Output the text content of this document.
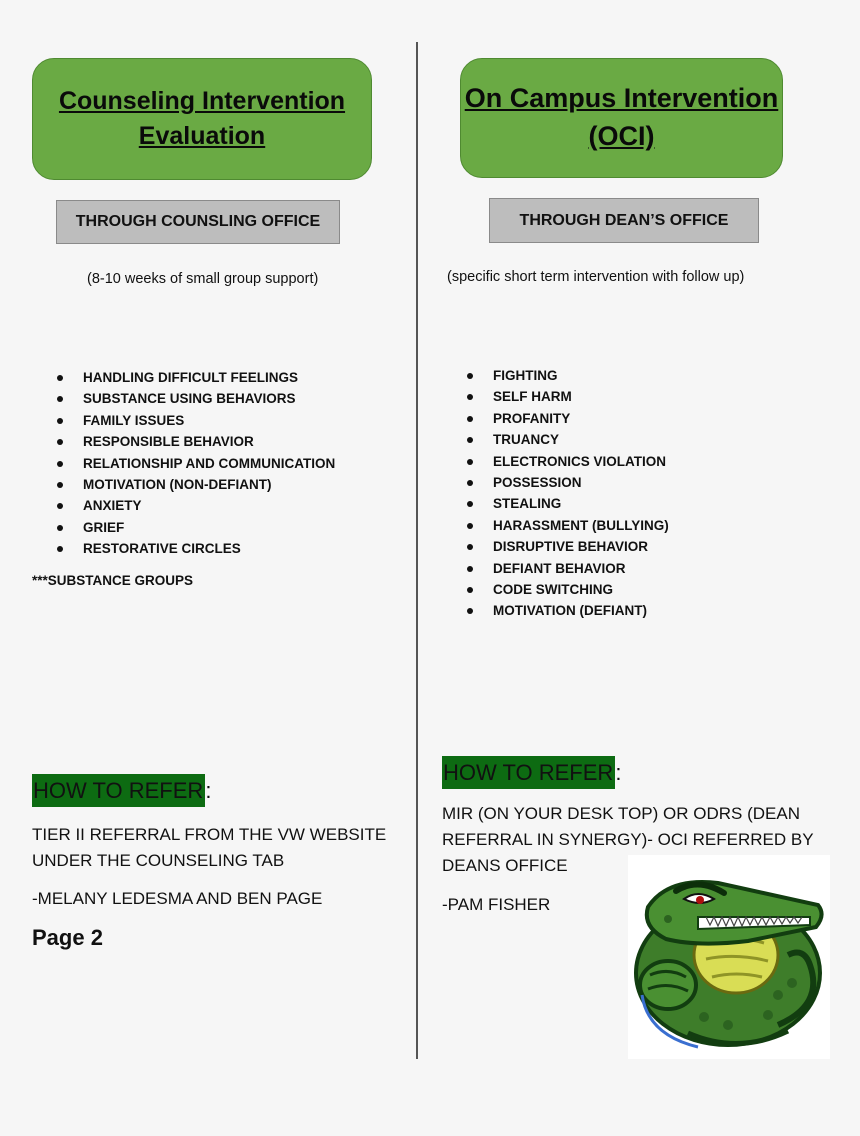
Counseling Intervention Evaluation
THROUGH COUNSLING OFFICE
(8-10 weeks of small group support)
HANDLING DIFFICULT FEELINGS
SUBSTANCE USING BEHAVIORS
FAMILY ISSUES
RESPONSIBLE BEHAVIOR
RELATIONSHIP AND COMMUNICATION
MOTIVATION (NON-DEFIANT)
ANXIETY
GRIEF
RESTORATIVE CIRCLES
***SUBSTANCE GROUPS
HOW TO REFER:
TIER II REFERRAL FROM THE VW WEBSITE UNDER THE COUNSELING TAB
-MELANY LEDESMA AND BEN PAGE
Page 2
On Campus Intervention (OCI)
THROUGH DEAN’S OFFICE
(specific short term intervention with follow up)
FIGHTING
SELF HARM
PROFANITY
TRUANCY
ELECTRONICS VIOLATION
POSSESSION
STEALING
HARASSMENT (BULLYING)
DISRUPTIVE BEHAVIOR
DEFIANT BEHAVIOR
CODE SWITCHING
MOTIVATION (DEFIANT)
HOW TO REFER:
MIR (ON YOUR DESK TOP) OR ODRS (DEAN REFERRAL IN SYNERGY)- OCI REFERRED BY DEANS OFFICE
-PAM FISHER
